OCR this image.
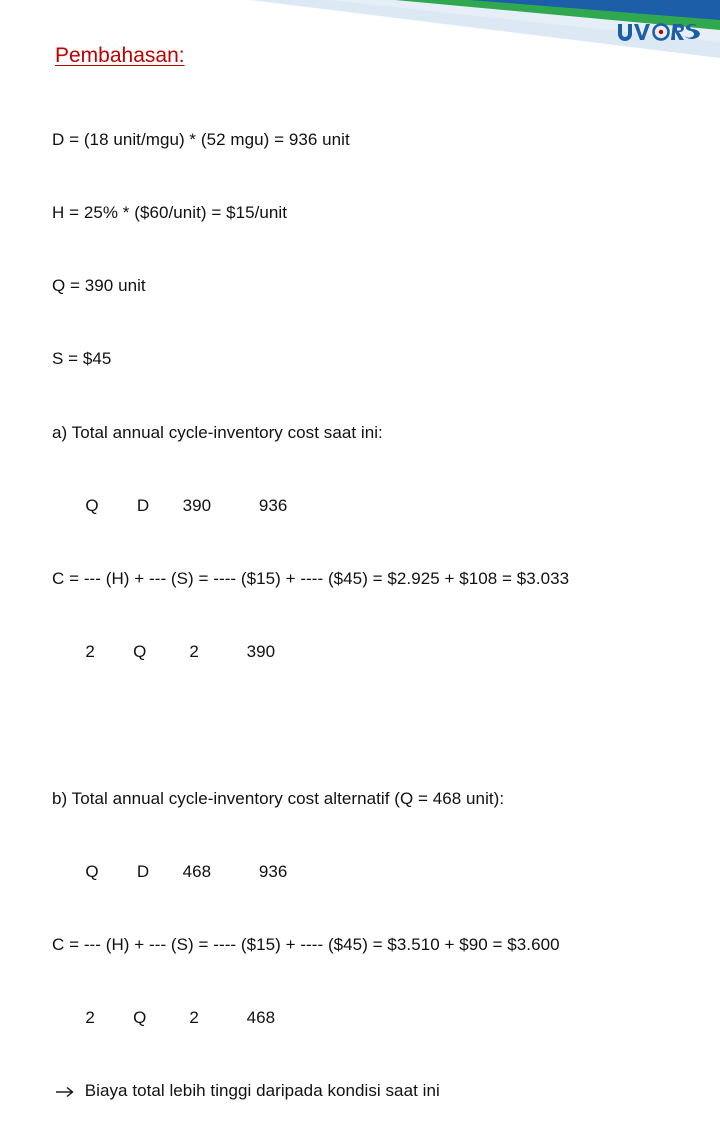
Pembahasan:

D = (18 unit/mgu) * (52 mgu) = 936 unit

H = 25% * ($60/unit) = $15/unit

Q = 390 unit

S = $45

a) Total annual cycle-inventory cost saat ini:

Q        D       390          936

C = --- (H) + --- (S) = ---- ($15) + ---- ($45) = $2.925 + $108 = $3.033

2        Q         2          390

b) Total annual cycle-inventory cost alternatif (Q = 468 unit):

Q        D       468          936

C = --- (H) + --- (S) = ---- ($15) + ---- ($45) = $3.510 + $90 = $3.600

2        Q         2          468

Biaya total lebih tinggi daripada kondisi saat ini
